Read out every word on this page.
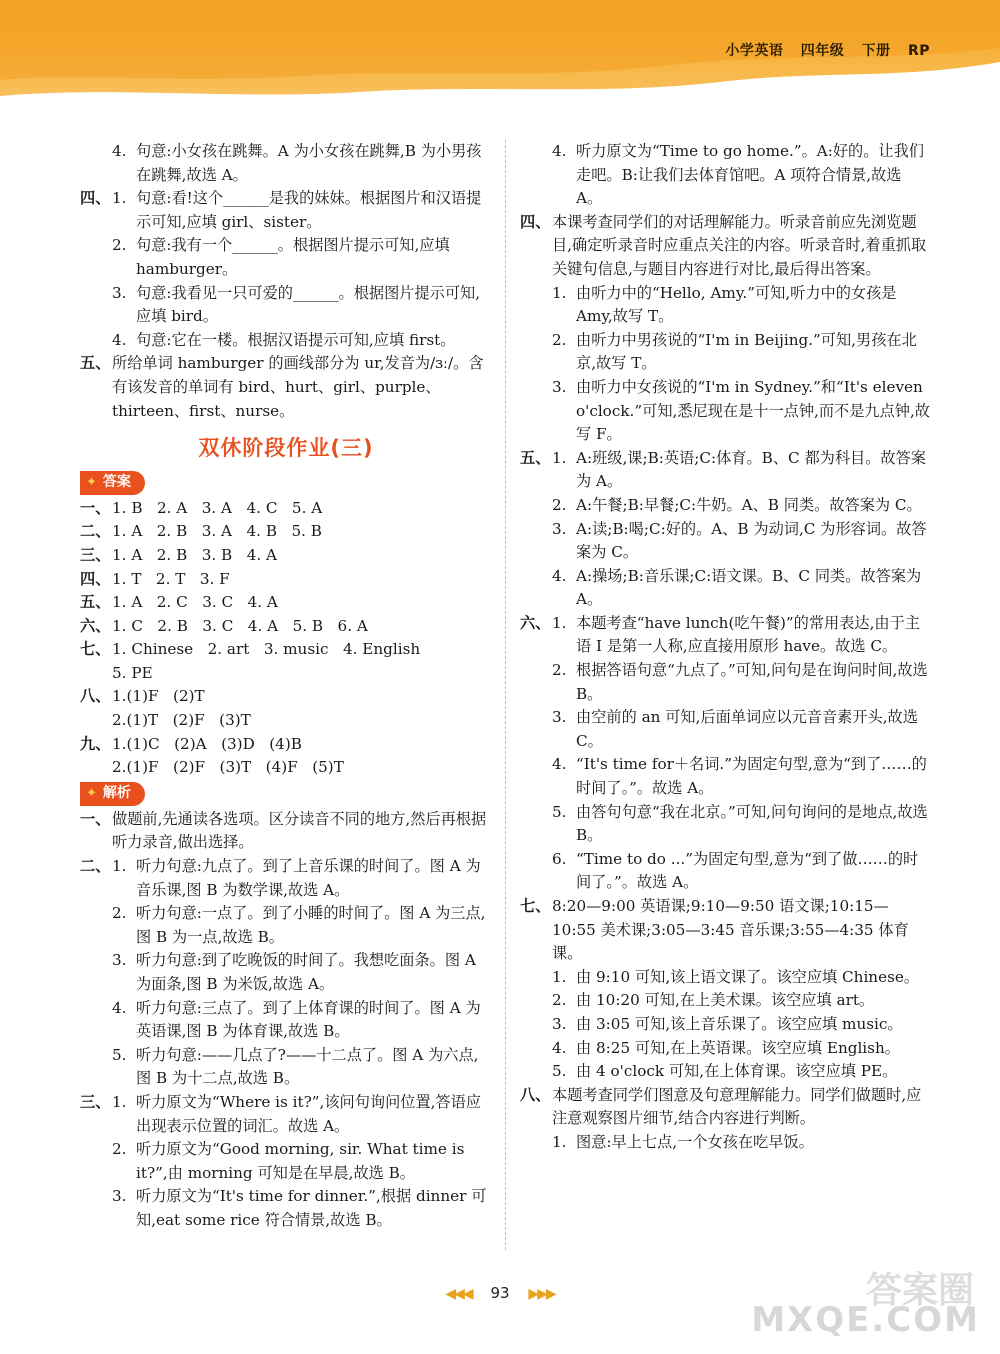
小学英语 四年级 下册 RP
4. 句意:小女孩在跳舞。A 为小女孩在跳舞,B 为小男孩在跳舞,故选 A。
四、 1. 句意:看!这个______是我的妹妹。根据图片和汉语提示可知,应填 girl、sister。
2. 句意:我有一个______。根据图片提示可知,应填 hamburger。
3. 句意:我看见一只可爱的______。根据图片提示可知,应填 bird。
4. 句意:它在一楼。根据汉语提示可知,应填 first。
五、 所给单词 hamburger 的画线部分为 ur,发音为/ɜː/。含有该发音的单词有 bird、hurt、girl、purple、thirteen、first、nurse。
双休阶段作业(三)
✦ 答案
一、 1. B   2. A   3. A   4. C   5. A
二、 1. A   2. B   3. A   4. B   5. B
三、 1. A   2. B   3. B   4. A
四、 1. T   2. T   3. F
五、 1. A   2. C   3. C   4. A
六、 1. C   2. B   3. C   4. A   5. B   6. A
七、 1. Chinese   2. art   3. music   4. English
5. PE
八、 1.(1)F   (2)T
2.(1)T   (2)F   (3)T
九、 1.(1)C   (2)A   (3)D   (4)B
2.(1)F   (2)F   (3)T   (4)F   (5)T
✦ 解析
一、 做题前,先通读各选项。区分读音不同的地方,然后再根据听力录音,做出选择。
二、 1. 听力句意:九点了。到了上音乐课的时间了。图 A 为音乐课,图 B 为数学课,故选 A。
2. 听力句意:一点了。到了小睡的时间了。图 A 为三点,图 B 为一点,故选 B。
3. 听力句意:到了吃晚饭的时间了。我想吃面条。图 A 为面条,图 B 为米饭,故选 A。
4. 听力句意:三点了。到了上体育课的时间了。图 A 为英语课,图 B 为体育课,故选 B。
5. 听力句意:——几点了?——十二点了。图 A 为六点,图 B 为十二点,故选 B。
三、 1. 听力原文为“Where is it?”,该问句询问位置,答语应出现表示位置的词汇。故选 A。
2. 听力原文为“Good morning, sir. What time is it?”,由 morning 可知是在早晨,故选 B。
3. 听力原文为“It's time for dinner.”,根据 dinner 可知,eat some rice 符合情景,故选 B。
4. 听力原文为“Time to go home.”。A:好的。让我们走吧。B:让我们去体育馆吧。A 项符合情景,故选 A。
四、 本课考查同学们的对话理解能力。听录音前应先浏览题目,确定听录音时应重点关注的内容。听录音时,着重抓取关键句信息,与题目内容进行对比,最后得出答案。
1. 由听力中的“Hello, Amy.”可知,听力中的女孩是 Amy,故写 T。
2. 由听力中男孩说的“I'm in Beijing.”可知,男孩在北京,故写 T。
3. 由听力中女孩说的“I'm in Sydney.”和“It's eleven o'clock.”可知,悉尼现在是十一点钟,而不是九点钟,故写 F。
五、 1. A:班级,课;B:英语;C:体育。B、C 都为科目。故答案为 A。
2. A:午餐;B:早餐;C:牛奶。A、B 同类。故答案为 C。
3. A:读;B:喝;C:好的。A、B 为动词,C 为形容词。故答案为 C。
4. A:操场;B:音乐课;C:语文课。B、C 同类。故答案为 A。
六、 1. 本题考查“have lunch(吃午餐)”的常用表达,由于主语 I 是第一人称,应直接用原形 have。故选 C。
2. 根据答语句意“九点了。”可知,问句是在询问时间,故选 B。
3. 由空前的 an 可知,后面单词应以元音音素开头,故选 C。
4. “It's time for＋名词.”为固定句型,意为“到了……的时间了。”。故选 A。
5. 由答句句意“我在北京。”可知,问句询问的是地点,故选 B。
6. “Time to do ...”为固定句型,意为“到了做……的时间了。”。故选 A。
七、 8:20—9:00 英语课;9:10—9:50 语文课;10:15—10:55 美术课;3:05—3:45 音乐课;3:55—4:35 体育课。
1. 由 9:10 可知,该上语文课了。该空应填 Chinese。
2. 由 10:20 可知,在上美术课。该空应填 art。
3. 由 3:05 可知,该上音乐课了。该空应填 music。
4. 由 8:25 可知,在上英语课。该空应填 English。
5. 由 4 o'clock 可知,在上体育课。该空应填 PE。
八、 本题考查同学们图意及句意理解能力。同学们做题时,应注意观察图片细节,结合内容进行判断。
1. 图意:早上七点,一个女孩在吃早饭。
◀◀◀ 93 ▶▶▶	答案圈
MXQE.COM
